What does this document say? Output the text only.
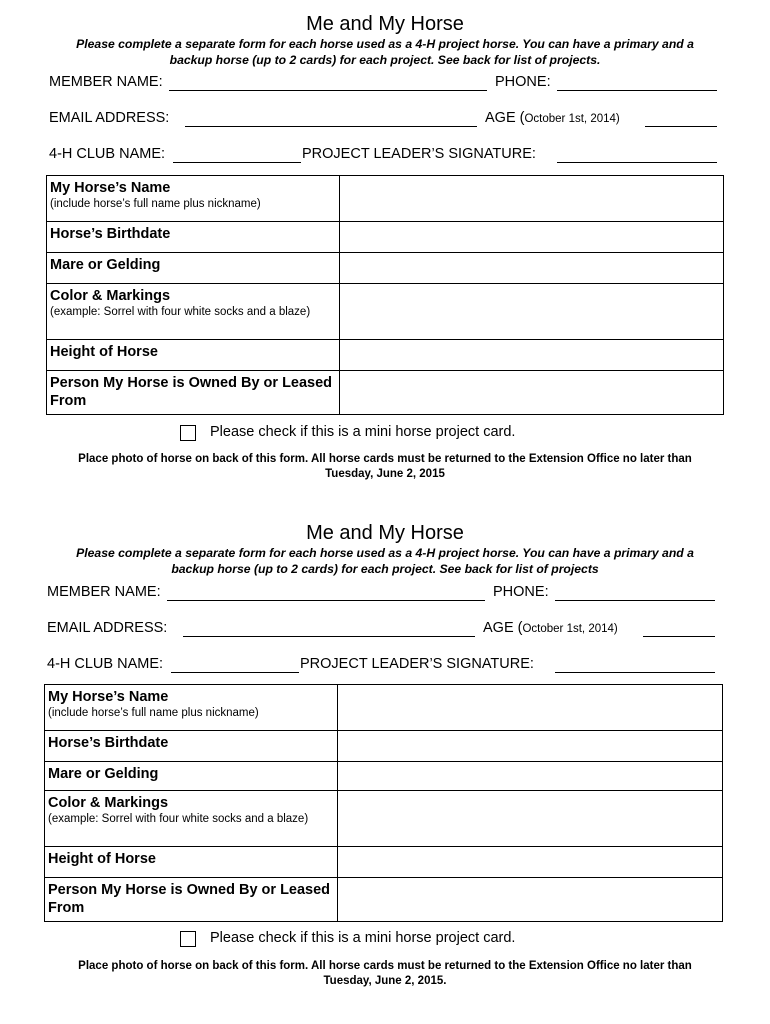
Me and My Horse
Please complete a separate form for each horse used as a 4-H project horse. You can have a primary and a backup horse (up to 2 cards) for each project. See back for list of projects.
MEMBER NAME:	PHONE:
EMAIL ADDRESS:	AGE (October 1st, 2014)
4-H CLUB NAME:	PROJECT LEADER’S SIGNATURE:
My Horse’s Name
(include horse’s full name plus nickname)	

Horse’s Birthdate	

Mare or Gelding	

Color & Markings
(example: Sorrel with four white socks and a blaze)	

Height of Horse	

Person My Horse is Owned By or Leased From	

Please check if this is a mini horse project card.
Place photo of horse on back of this form. All horse cards must be returned to the Extension Office no later than Tuesday, June 2, 2015
Me and My Horse
Please complete a separate form for each horse used as a 4-H project horse. You can have a primary and a backup horse (up to 2 cards) for each project. See back for list of projects
MEMBER NAME:	PHONE:
EMAIL ADDRESS:	AGE (October 1st, 2014)
4-H CLUB NAME:	PROJECT LEADER’S SIGNATURE:
My Horse’s Name
(include horse’s full name plus nickname)	

Horse’s Birthdate	

Mare or Gelding	

Color & Markings
(example: Sorrel with four white socks and a blaze)	

Height of Horse	

Person My Horse is Owned By or Leased From	

Please check if this is a mini horse project card.
Place photo of horse on back of this form. All horse cards must be returned to the Extension Office no later than Tuesday, June 2, 2015.
